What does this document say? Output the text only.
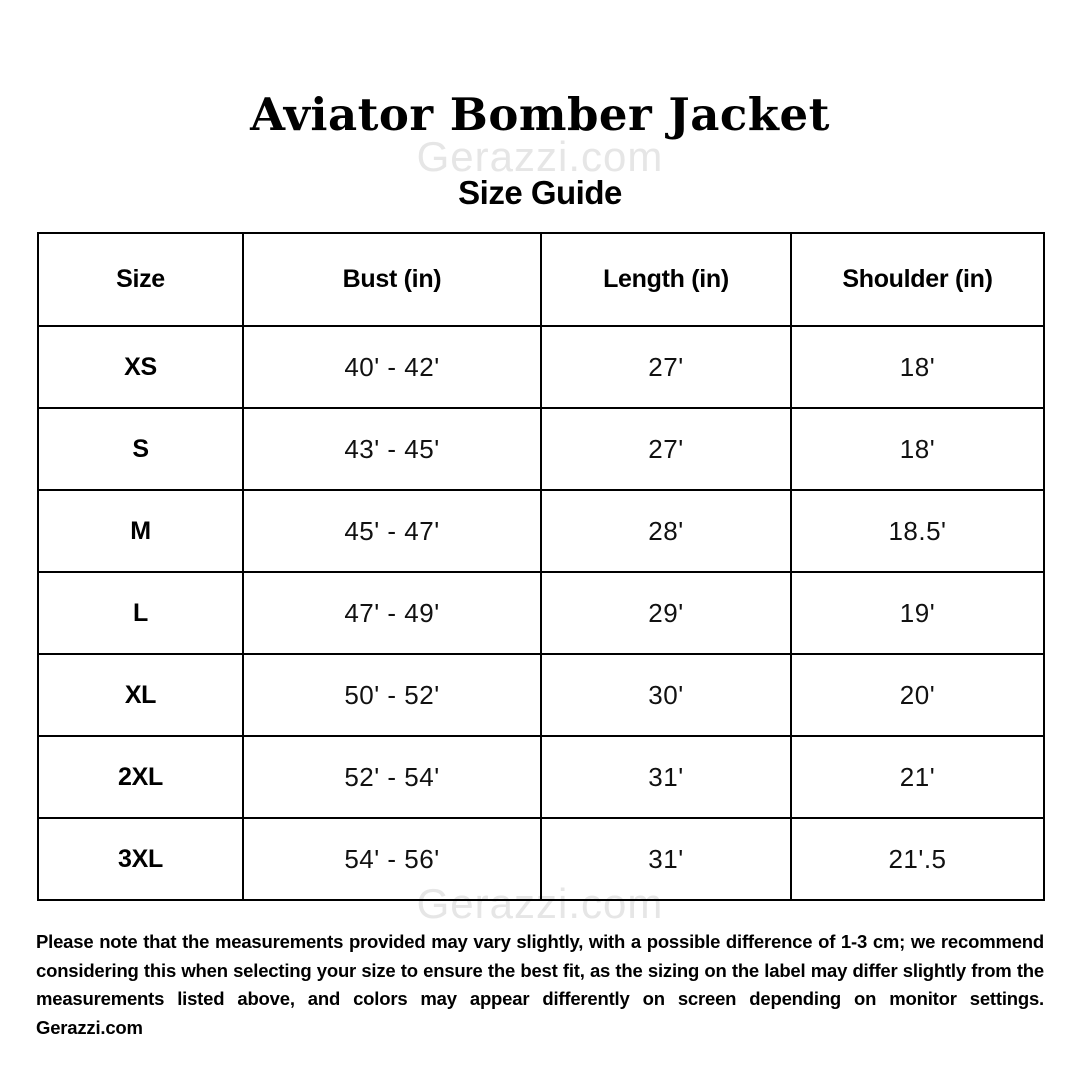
Aviator Bomber Jacket
Gerazzi.com
Size Guide
Gerazzi.com
Size	Bust (in)	Length (in)	Shoulder (in)
XS	40' - 42'	27'	18'
S	43' - 45'	27'	18'
M	45' - 47'	28'	18.5'
L	47' - 49'	29'	19'
XL	50' - 52'	30'	20'
2XL	52' - 54'	31'	21'
3XL	54' - 56'	31'	21'.5

Please note that the measurements provided may vary slightly, with a possible difference of 1-3 cm; we recommend considering this when selecting your size to ensure the best fit, as the sizing on the label may differ slightly from the measurements listed above, and colors may appear differently on screen depending on monitor settings. Gerazzi.com
